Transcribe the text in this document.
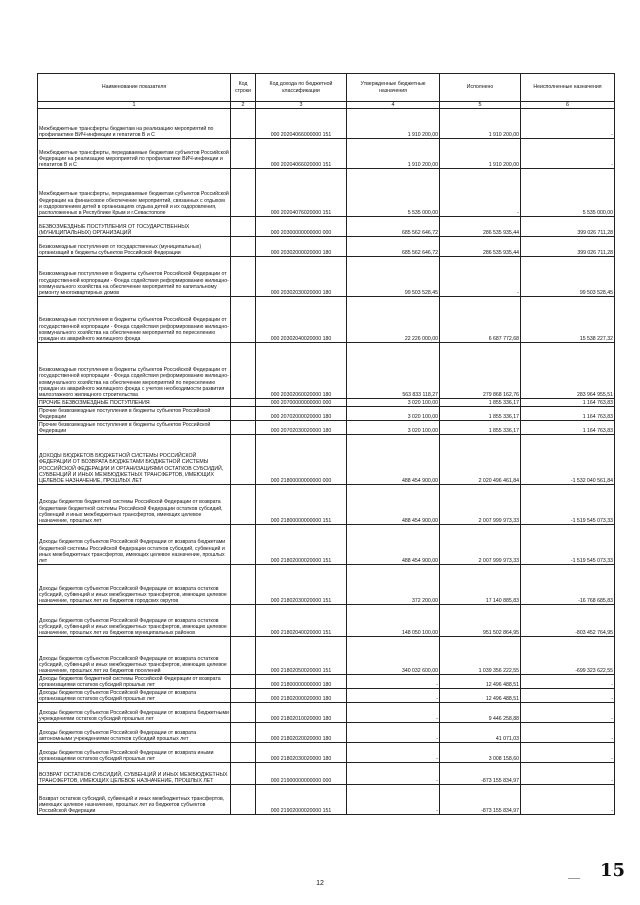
Наименование показателя	Код строки	Код дохода по бюджетной классификации	Утвержденные бюджетные назначения	Исполнено	Неисполненные назначения
1	2	3	4	5	6
Межбюджетные трансферты бюджетам на реализацию мероприятий по профилактике ВИЧ-инфекции и гепатитов B и C		000 20204066000000 151	1 910 200,00	1 910 200,00	-
Межбюджетные трансферты, передаваемые бюджетам субъектов Российской Федерации на реализацию мероприятий по профилактике ВИЧ-инфекции и гепатитов B и C		000 20204066020000 151	1 910 200,00	1 910 200,00	-
Межбюджетные трансферты, передаваемые бюджетам субъектов Российской Федерации на финансовое обеспечение мероприятий, связанных с отдыхом и оздоровлением детей в организациях отдыха детей и их оздоровления, расположенных в Республике Крым и г.Севастополе		000 20204076020000 151	5 535 000,00	-	5 535 000,00
БЕЗВОЗМЕЗДНЫЕ ПОСТУПЛЕНИЯ ОТ ГОСУДАРСТВЕННЫХ (МУНИЦИПАЛЬНЫХ) ОРГАНИЗАЦИЙ		000 20300000000000 000	685 562 646,72	286 535 935,44	399 026 711,28
Безвозмездные поступления от государственных (муниципальных) организаций в бюджеты субъектов Российской Федерации		000 20302000020000 180	685 562 646,72	286 535 935,44	399 026 711,28
Безвозмездные поступления в бюджеты субъектов Российской Федерации от государственной корпорации - Фонда содействия реформированию жилищно-коммунального хозяйства на обеспечение мероприятий по капитальному ремонту многоквартирных домов		000 20302030020000 180	99 503 528,45	-	99 503 528,45
Безвозмездные поступления в бюджеты субъектов Российской Федерации от государственной корпорации - Фонда содействия реформированию жилищно-коммунального хозяйства на обеспечение мероприятий по переселению граждан из аварийного жилищного фонда		000 20302040020000 180	22 226 000,00	6 687 772,68	15 538 227,32
Безвозмездные поступления в бюджеты субъектов Российской Федерации от государственной корпорации - Фонда содействия реформированию жилищно-коммунального хозяйства на обеспечение мероприятий по переселению граждан из аварийного жилищного фонда с учетом необходимости развития малоэтажного жилищного строительства		000 20302060020000 180	563 833 118,27	279 868 162,76	283 964 955,51
ПРОЧИЕ БЕЗВОЗМЕЗДНЫЕ ПОСТУПЛЕНИЯ		000 20700000000000 000	3 020 100,00	1 855 336,17	1 164 763,83
Прочие безвозмездные поступления в бюджеты субъектов Российской Федерации		000 20702000020000 180	3 020 100,00	1 855 336,17	1 164 763,83
Прочие безвозмездные поступления в бюджеты субъектов Российской Федерации		000 20702030020000 180	3 020 100,00	1 855 336,17	1 164 763,83
ДОХОДЫ БЮДЖЕТОВ БЮДЖЕТНОЙ СИСТЕМЫ РОССИЙСКОЙ ФЕДЕРАЦИИ ОТ ВОЗВРАТА БЮДЖЕТАМИ БЮДЖЕТНОЙ СИСТЕМЫ РОССИЙСКОЙ ФЕДЕРАЦИИ И ОРГАНИЗАЦИЯМИ ОСТАТКОВ СУБСИДИЙ, СУБВЕНЦИЙ И ИНЫХ МЕЖБЮДЖЕТНЫХ ТРАНСФЕРТОВ, ИМЕЮЩИХ ЦЕЛЕВОЕ НАЗНАЧЕНИЕ, ПРОШЛЫХ ЛЕТ		000 21800000000000 000	488 454 900,00	2 020 496 461,84	-1 532 040 561,84
Доходы бюджетов бюджетной системы Российской Федерации от возврата бюджетами бюджетной системы Российской Федерации остатков субсидий, субвенций и иных межбюджетных трансфертов, имеющих целевое назначение, прошлых лет		000 21800000000000 151	488 454 900,00	2 007 999 973,33	-1 519 545 073,33
Доходы бюджетов субъектов Российской Федерации от возврата бюджетами бюджетной системы Российской Федерации остатков субсидий, субвенций и иных межбюджетных трансфертов, имеющих целевое назначение, прошлых лет		000 21802000020000 151	488 454 900,00	2 007 999 973,33	-1 519 545 073,33
Доходы бюджетов субъектов Российской Федерации от возврата остатков субсидий, субвенций и иных межбюджетных трансфертов, имеющих целевое назначение, прошлых лет из бюджетов городских округов		000 21802030020000 151	372 200,00	17 140 885,83	-16 768 685,83
Доходы бюджетов субъектов Российской Федерации от возврата остатков субсидий, субвенций и иных межбюджетных трансфертов, имеющих целевое назначение, прошлых лет из бюджетов муниципальных районов		000 21802040020000 151	148 050 100,00	951 502 864,95	-803 452 764,95
Доходы бюджетов субъектов Российской Федерации от возврата остатков субсидий, субвенций и иных межбюджетных трансфертов, имеющих целевое назначение, прошлых лет из бюджетов поселений		000 21802050020000 151	340 032 600,00	1 039 356 222,55	-699 323 622,55
Доходы бюджетов бюджетной системы Российской Федерации от возврата организациями остатков субсидий прошлых лет		000 21800000000000 180	-	12 496 488,51	-
Доходы бюджетов субъектов Российской Федерации от возврата организациями остатков субсидий прошлых лет		000 21802000020000 180	-	12 496 488,51	-
Доходы бюджетов субъектов Российской Федерации от возврата бюджетными учреждениями остатков субсидий прошлых лет		000 21802010020000 180	-	9 446 258,88	-
Доходы бюджетов субъектов Российской Федерации от возврата автономными учреждениями остатков субсидий прошлых лет		000 21802020020000 180	-	41 071,03	-
Доходы бюджетов субъектов Российской Федерации от возврата иными организациями остатков субсидий прошлых лет		000 21802030020000 180	-	3 008 158,60	-
ВОЗВРАТ ОСТАТКОВ СУБСИДИЙ, СУБВЕНЦИЙ И ИНЫХ МЕЖБЮДЖЕТНЫХ ТРАНСФЕРТОВ, ИМЕЮЩИХ ЦЕЛЕВОЕ НАЗНАЧЕНИЕ, ПРОШЛЫХ ЛЕТ		000 21900000000000 000	-	-873 155 834,97	-
Возврат остатков субсидий, субвенций и иных межбюджетных трансфертов, имеющих целевое назначение, прошлых лет из бюджетов субъектов Российской Федерации		000 21902000020000 151	-	-873 155 834,97	-
12
—— 15
